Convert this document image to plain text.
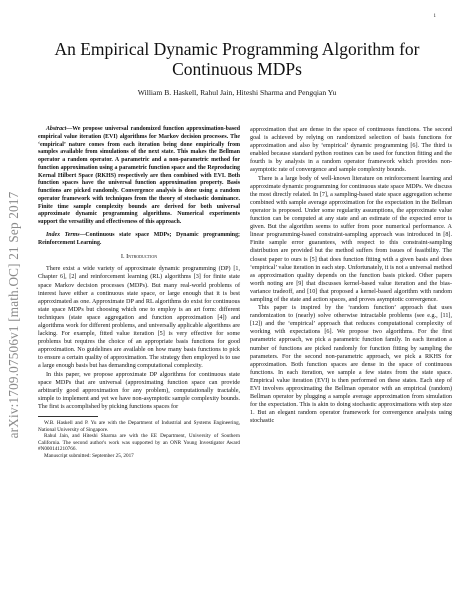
1
arXiv:1709.07506v1 [math.OC] 21 Sep 2017
An Empirical Dynamic Programming Algorithm for Continuous MDPs
William B. Haskell, Rahul Jain, Hiteshi Sharma and Pengqian Yu

Abstract—We propose universal randomized function approximation-based empirical value iteration (EVI) algorithms for Markov decision processes. The ‘empirical’ nature comes from each iteration being done empirically from samples available from simulations of the next state. This makes the Bellman operator a random operator. A parametric and a non-parametric method for function approximation using a parametric function space and the Reproducing Kernal Hilbert Space (RKHS) respectively are then combined with EVI. Both function spaces have the universal function approximation property. Basis functions are picked randomly. Convergence analysis is done using a random operator framework with techniques from the theory of stochastic dominance. Finite time sample complexity bounds are derived for both universal approximate dynamic programming algorithms. Numerical experiments support the versatility and effectiveness of this approach.

Index Terms—Continuous state space MDPs; Dynamic programming; Reinforcement Learning.

I. Introduction

There exist a wide variety of approximate dynamic programming (DP) [1, Chapter 6], [2] and reinforcement learning (RL) algorithms [3] for finite state space Markov decision processes (MDPs). But many real-world problems of interest have either a continuous state space, or large enough that it is best approximated as one. Approximate DP and RL algorithms do exist for continuous state space MDPs but choosing which one to employ is an art form: different techniques (state space aggregation and function approximation [4]) and algorithms work for different problems, and universally applicable algorithms are lacking. For example, fitted value iteration [5] is very effective for some problems but requires the choice of an appropriate basis functions for good approximation. No guidelines are available on how many basis functions to pick to ensure a certain quality of approximation. The strategy then employed is to use a large enough basis but has demanding computational complexity.

In this paper, we propose approximate DP algorithms for continuous state space MDPs that are universal (approximating function space can provide arbitrarily good approximation for any problem), computationally tractable, simple to implement and yet we have non-asymptotic sample complexity bounds. The first is accomplished by picking functions spaces for

W.B. Haskell and P. Yu are with the Department of Industrial and Systems Engineering, National University of Singapore.

Rahul Jain, and Hiteshi Sharma are with the EE Department, University of Southern California. The second author's work was supported by an ONR Young Investigator Award #N000141210766.

Manuscript submitted: September 25, 2017

approximation that are dense in the space of continuous functions. The second goal is achieved by relying on randomized selection of basis functions for approximation and also by ‘empirical’ dynamic programming [6]. The third is enabled because standard python routines can be used for function fitting and the fourth is by analysis in a random operator framework which provides non-asymptotic rate of convergence and sample complexity bounds.

There is a large body of well-known literature on reinforcement learning and approximate dynamic programming for continuous state space MDPs. We discuss the most directly related. In [7], a sampling-based state space aggregation scheme combined with sample average approximation for the expectation in the Bellman operator is proposed. Under some regularity assumptions, the approximate value function can be computed at any state and an estimate of the expected error is given. But the algorithm seems to suffer from poor numerical performance. A linear programming-based constraint-sampling approach was introduced in [8]. Finite sample error guarantees, with respect to this constraint-sampling distribution are provided but the method suffers from issues of feasibility. The closest paper to ours is [5] that does function fitting with a given basis and does ‘empirical’ value iteration in each step. Unfortunately, it is not a universal method as approximation quality depends on the function basis picked. Other papers worth noting are [9] that discusses kernel-based value iteration and the bias-variance tradeoff, and [10] that proposed a kernel-based algorithm with random sampling of the state and action spaces, and proves asymptotic convergence.

This paper is inspired by the ‘random function’ approach that uses randomization to (nearly) solve otherwise intractable problems (see e.g., [11], [12]) and the ‘empirical’ approach that reduces computational complexity of working with expectations [6]. We propose two algorithms. For the first parametric approach, we pick a parametric function family. In each iteration a number of functions are picked randomly for function fitting by sampling the parameters. For the second non-parametric approach, we pick a RKHS for approximation. Both function spaces are dense in the space of continuous functions. In each iteration, we sample a few states from the state space. Empirical value iteration (EVI) is then performed on these states. Each step of EVI involves approximating the Bellman operator with an empirical (random) Bellman operator by plugging a sample average approximation from simulation for the expectation. This is akin to doing stochastic approximations with step size 1. But an elegant random operator framework for convergence analysis using stochastic
